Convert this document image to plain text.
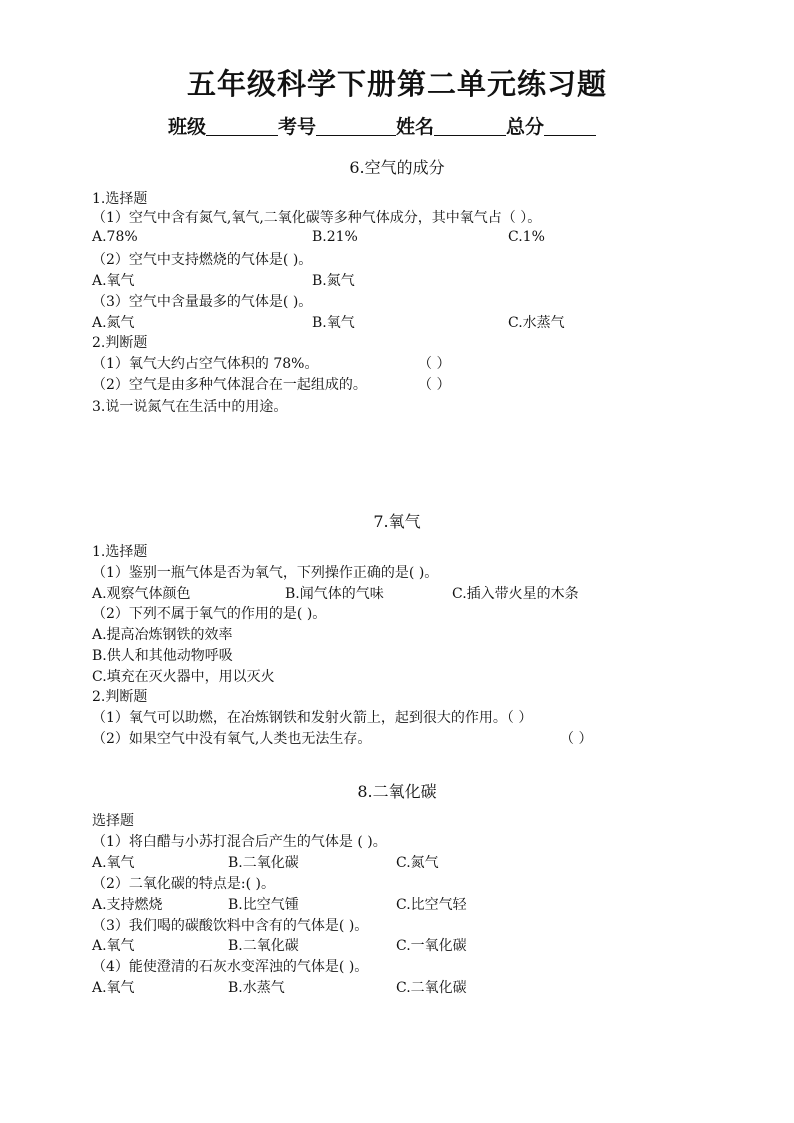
五年级科学下册第二单元练习题
班级	考号	姓名	总分
6.空气的成分
1.选择题
（1）空气中含有氮气,氧气,二氧化碳等多种气体成分，其中氧气占（ ）。
A.78%	B.21%	C.1%
（2）空气中支持燃烧的气体是( )。
A.氧气	B.氮气
（3）空气中含量最多的气体是( )。
A.氮气	B.氧气	C.水蒸气
2.判断题
（1）氧气大约占空气体积的 78%。	（ ）
（2）空气是由多种气体混合在一起组成的。	（ ）
3.说一说氮气在生活中的用途。
7.氧气
1.选择题
（1）鉴别一瓶气体是否为氧气，下列操作正确的是( )。
A.观察气体颜色	B.闻气体的气味	C.插入带火星的木条
（2）下列不属于氧气的作用的是( )。
A.提高冶炼钢铁的效率
B.供人和其他动物呼吸
C.填充在灭火器中，用以灭火
2.判断题
（1）氧气可以助燃，在冶炼钢铁和发射火箭上，起到很大的作用。（ ）
（2）如果空气中没有氧气,人类也无法生存。	（ ）
8.二氧化碳
选择题
（1）将白醋与小苏打混合后产生的气体是 ( )。
A.氧气	B.二氧化碳	C.氮气
（2）二氧化碳的特点是:( )。
A.支持燃烧	B.比空气锺	C.比空气轻
（3）我们喝的碳酸饮料中含有的气体是( )。
A.氧气	B.二氧化碳	C.一氧化碳
（4）能使澄清的石灰水变浑浊的气体是( )。
A.氧气	B.水蒸气	C.二氧化碳
